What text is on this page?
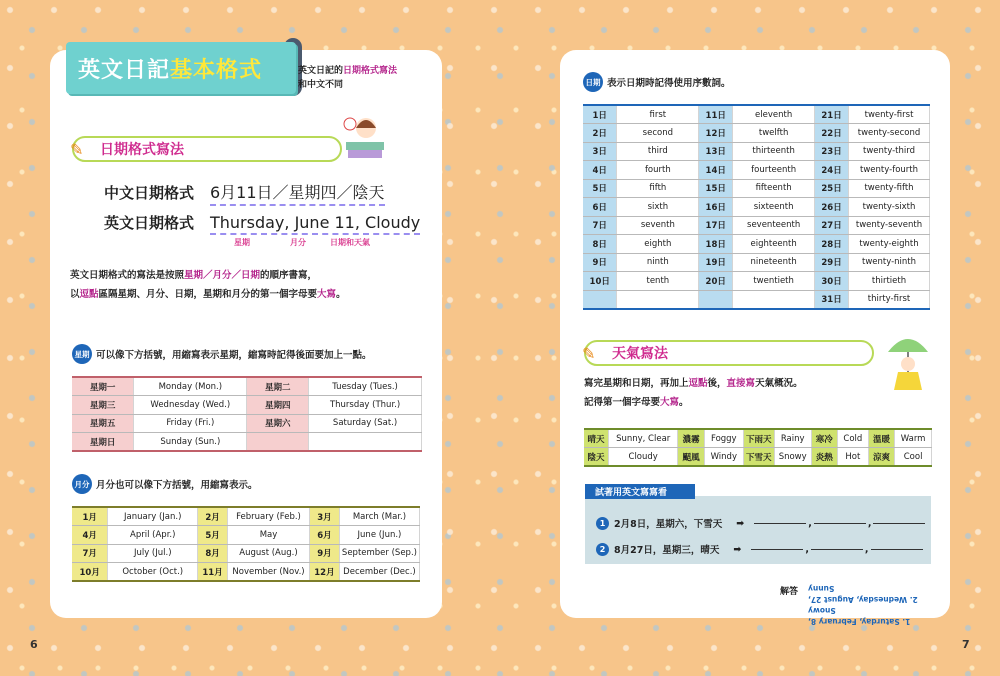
英文日記 基本格式	英文日記的日期格式寫法
和中文不同
✎ 日期格式寫法
中文日期格式 6月11日／星期四／陰天
英文日期格式 Thursday, June 11, Cloudy
星期	月分	日期和天氣
英文日期格式的寫法是按照星期／月分／日期的順序書寫，
以逗點區隔星期、月分、日期，星期和月分的第一個字母要大寫。
星期 可以像下方括號，用縮寫表示星期，縮寫時記得後面要加上一點。
星期一	Monday (Mon.)	星期二	Tuesday (Tues.)
星期三	Wednesday (Wed.)	星期四	Thursday (Thur.)
星期五	Friday (Fri.)	星期六	Saturday (Sat.)
星期日	Sunday (Sun.)		
月分 月分也可以像下方括號，用縮寫表示。
1月	January (Jan.)	2月	February (Feb.)	3月	March (Mar.)
4月	April (Apr.)	5月	May	6月	June (Jun.)
7月	July (Jul.)	8月	August (Aug.)	9月	September (Sep.)
10月	October (Oct.)	11月	November (Nov.)	12月	December (Dec.)
6
日期 表示日期時記得使用序數詞。
1日	first	11日	eleventh	21日	twenty-first
2日	second	12日	twelfth	22日	twenty-second
3日	third	13日	thirteenth	23日	twenty-third
4日	fourth	14日	fourteenth	24日	twenty-fourth
5日	fifth	15日	fifteenth	25日	twenty-fifth
6日	sixth	16日	sixteenth	26日	twenty-sixth
7日	seventh	17日	seventeenth	27日	twenty-seventh
8日	eighth	18日	eighteenth	28日	twenty-eighth
9日	ninth	19日	nineteenth	29日	twenty-ninth
10日	tenth	20日	twentieth	30日	thirtieth
				31日	thirty-first
✎ 天氣寫法
寫完星期和日期，再加上逗點後，直接寫天氣概況。
記得第一個字母要大寫。
晴天	Sunny, Clear	濃霧	Foggy	下雨天	Rainy	寒冷	Cold	溫暖	Warm
陰天	Cloudy	颳風	Windy	下雪天	Snowy	炎熱	Hot	涼爽	Cool
試著用英文寫寫看
1 2月8日，星期六，下雪天 ➡	,	,
2 8月27日，星期三，晴天 ➡	,	,
解答
1. Saturday, February 8, Snowy
2. Wednesday, August 27, Sunny
7
